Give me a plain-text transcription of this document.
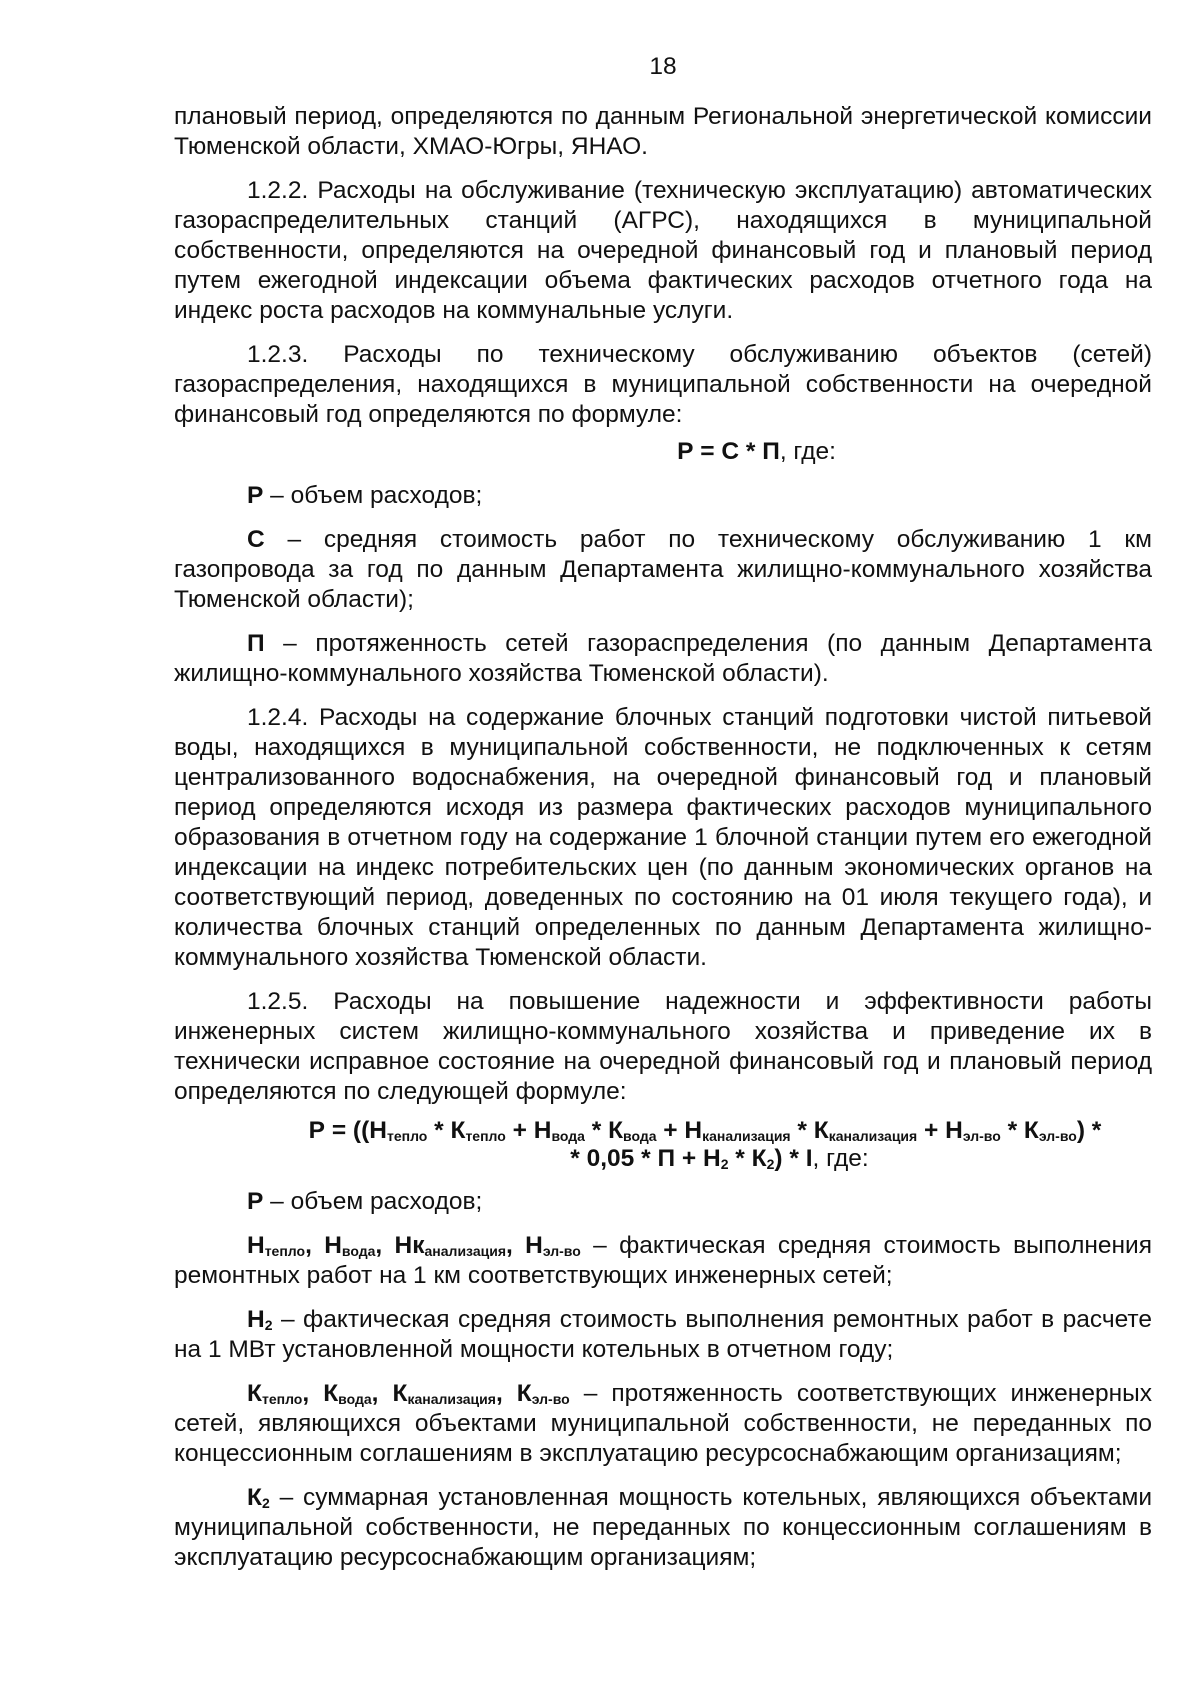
18

плановый период, определяются по данным Региональной энергетической комиссии Тюменской области, ХМАО-Югры, ЯНАО.

1.2.2. Расходы на обслуживание (техническую эксплуатацию) автоматических газораспределительных станций (АГРС), находящихся в муниципальной собственности, определяются на очередной финансовый год и плановый период путем ежегодной индексации объема фактических расходов отчетного года на индекс роста расходов на коммунальные услуги.

1.2.3. Расходы по техническому обслуживанию объектов (сетей) газораспределения, находящихся в муниципальной собственности на очередной финансовый год определяются по формуле:

Р = С * П, где:

Р – объем расходов;

С – средняя стоимость работ по техническому обслуживанию 1 км газопровода за год по данным Департамента жилищно-коммунального хозяйства Тюменской области);

П – протяженность сетей газораспределения (по данным Департамента жилищно-коммунального хозяйства Тюменской области).

1.2.4. Расходы на содержание блочных станций подготовки чистой питьевой воды, находящихся в муниципальной собственности, не подключенных к сетям централизованного водоснабжения, на очередной финансовый год и плановый период определяются исходя из размера фактических расходов муниципального образования в отчетном году на содержание 1 блочной станции путем его ежегодной индексации на индекс потребительских цен (по данным экономических органов на соответствующий период, доведенных по состоянию на 01 июля текущего года), и количества блочных станций определенных по данным Департамента жилищно-коммунального хозяйства Тюменской области.

1.2.5. Расходы на повышение надежности и эффективности работы инженерных систем жилищно-коммунального хозяйства и приведение их в технически исправное состояние на очередной финансовый год и плановый период определяются по следующей формуле:

$Р = ((Н_{тепло} * К_{тепло} + Н_{вода} * К_{вода} + Н_{канализация} * К_{канализация} + Н_{эл-во} * К_{эл-во})$ *
* $0,05 * П + Н_2 * К_2) * І$, где:

Р – объем расходов;

$Н_{тепло}$, $Н_{вода}$, $Нк_{анализация}$, $Н_{эл-во}$ – фактическая средняя стоимость выполнения ремонтных работ на 1 км соответствующих инженерных сетей;

$Н_2$ – фактическая средняя стоимость выполнения ремонтных работ в расчете на 1 МВт установленной мощности котельных в отчетном году;

$К_{тепло}$, $К_{вода}$, $К_{канализация}$, $К_{эл-во}$ – протяженность соответствующих инженерных сетей, являющихся объектами муниципальной собственности, не переданных по концессионным соглашениям в эксплуатацию ресурсоснабжающим организациям;

$К_2$ – суммарная установленная мощность котельных, являющихся объектами муниципальной собственности, не переданных по концессионным соглашениям в эксплуатацию ресурсоснабжающим организациям;
